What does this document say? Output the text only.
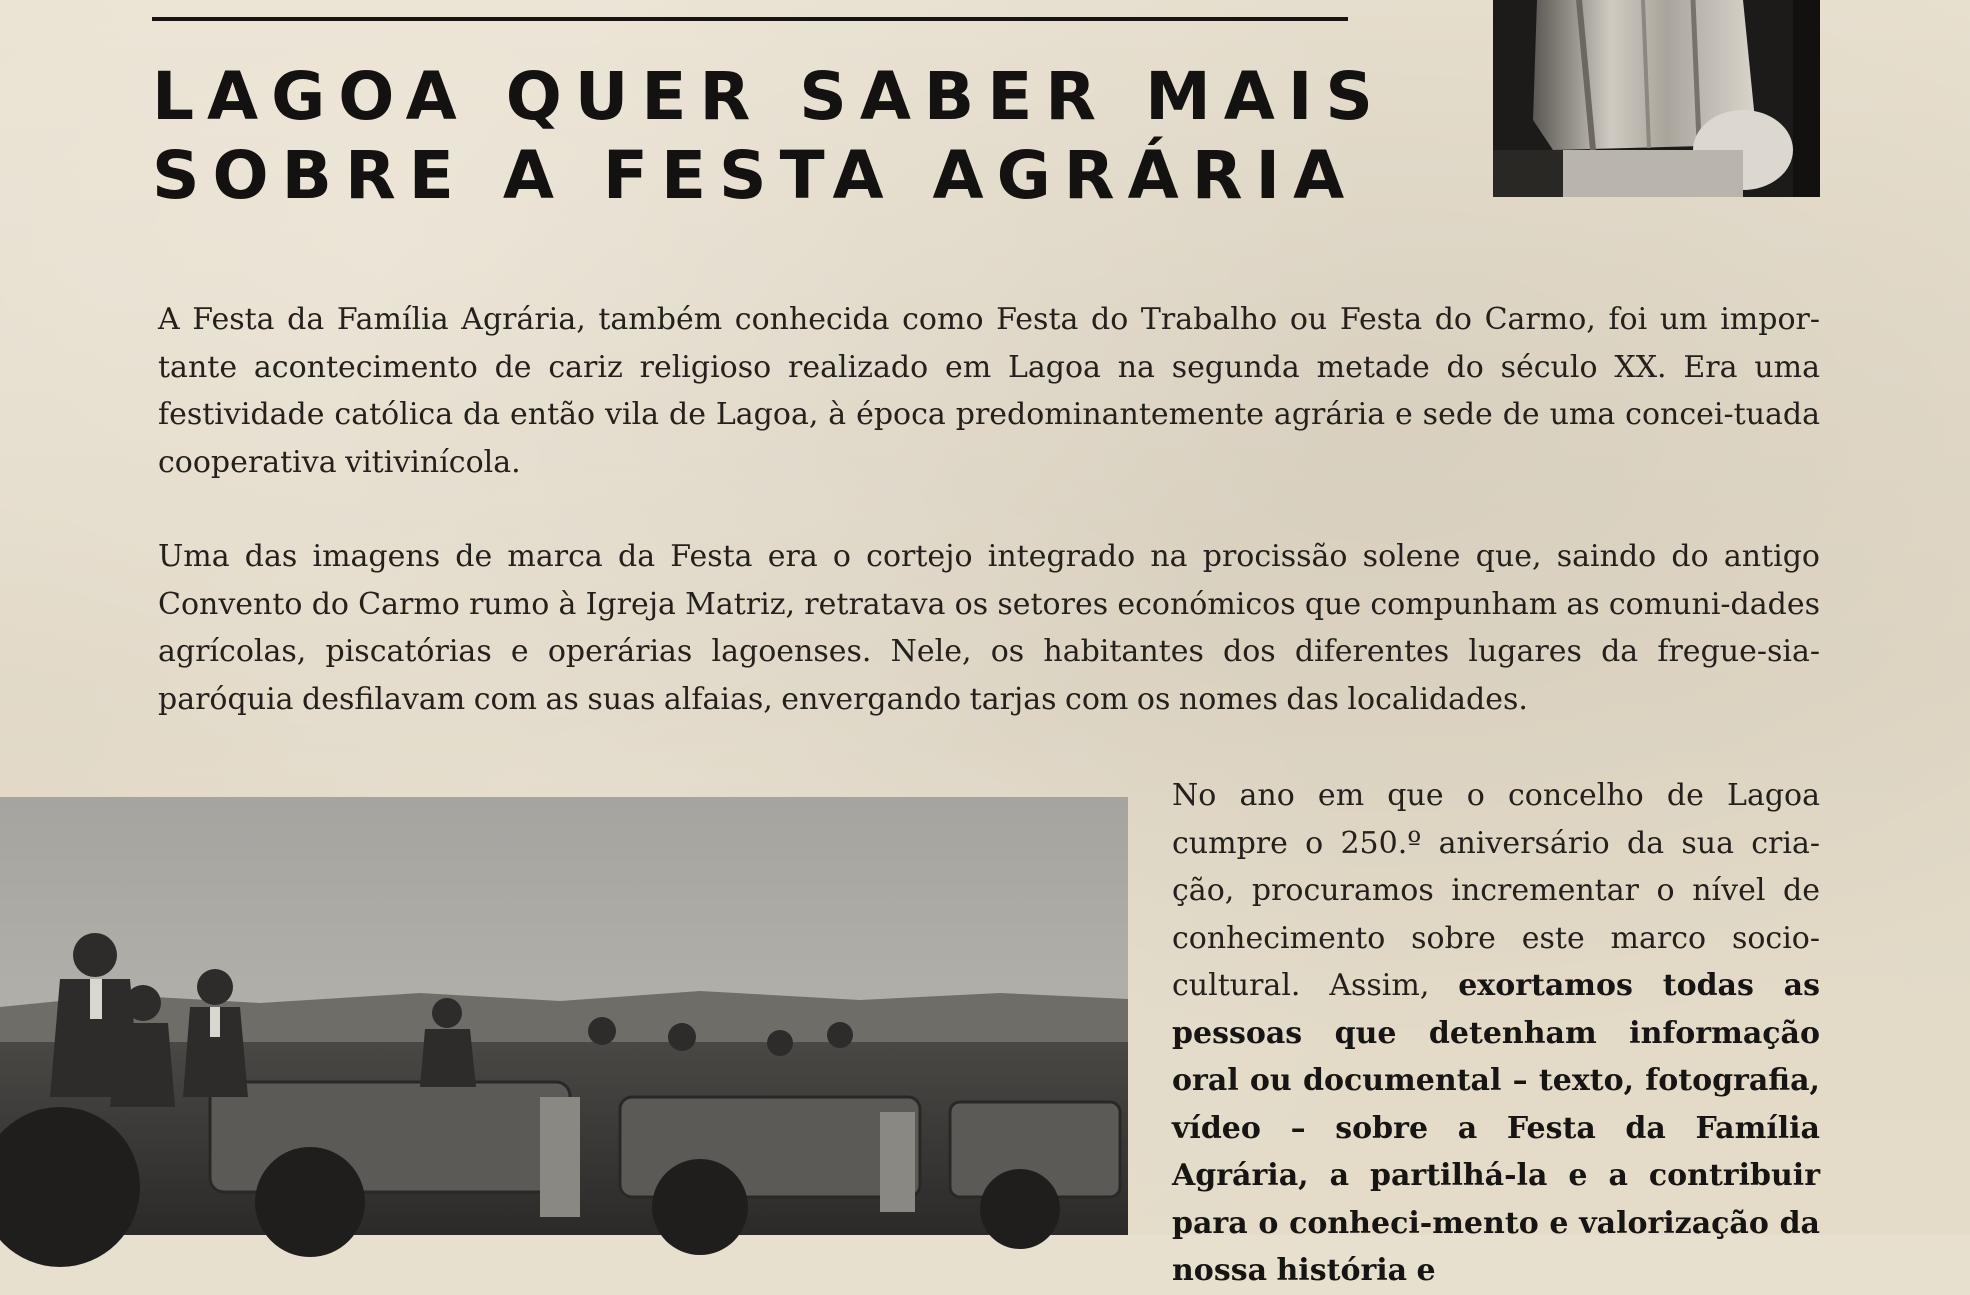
LAGOA QUER SABER MAIS
SOBRE A FESTA AGRÁRIA

A Festa da Família Agrária, também conhecida como Festa do Trabalho ou Festa do Carmo, foi um impor-tante acontecimento de cariz religioso realizado em Lagoa na segunda metade do século XX. Era uma festividade católica da então vila de Lagoa, à época predominantemente agrária e sede de uma concei-tuada cooperativa vitivinícola.

Uma das imagens de marca da Festa era o cortejo integrado na procissão solene que, saindo do antigo Convento do Carmo rumo à Igreja Matriz, retratava os setores económicos que compunham as comuni-dades agrícolas, piscatórias e operárias lagoenses. Nele, os habitantes dos diferentes lugares da fregue-sia-paróquia desfilavam com as suas alfaias, envergando tarjas com os nomes das localidades.

No ano em que o concelho de Lagoa cumpre o 250.º aniversário da sua cria-ção, procuramos incrementar o nível de conhecimento sobre este marco socio-cultural. Assim, exortamos todas as pessoas que detenham informação oral ou documental – texto, fotografia, vídeo – sobre a Festa da Família Agrária, a partilhá-la e a contribuir para o conheci-mento e valorização da nossa história e
